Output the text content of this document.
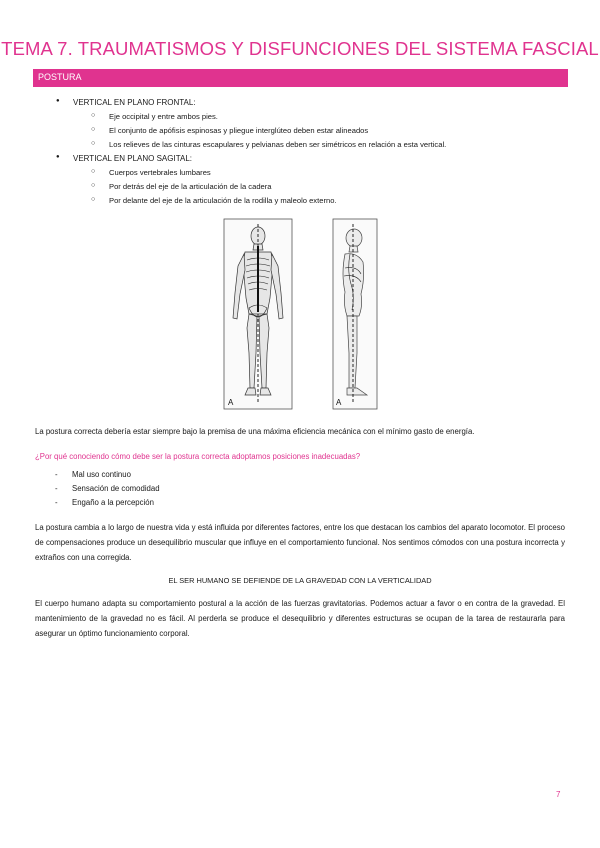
TEMA 7. TRAUMATISMOS Y DISFUNCIONES DEL SISTEMA FASCIAL
POSTURA
● VERTICAL EN PLANO FRONTAL:
○ Eje occipital y entre ambos pies.
○ El conjunto de apófisis espinosas y pliegue interglúteo deben estar alineados
○ Los relieves de las cinturas escapulares y pelvianas deben ser simétricos en relación a esta vertical.
● VERTICAL EN PLANO SAGITAL:
○ Cuerpos vertebrales lumbares
○ Por detrás del eje de la articulación de la cadera
○ Por delante del eje de la articulación de la rodilla y maleolo externo.
A	A
La postura correcta debería estar siempre bajo la premisa de una máxima eficiencia mecánica con el mínimo gasto de energía.
¿Por qué conociendo cómo debe ser la postura correcta adoptamos posiciones inadecuadas?
- Mal uso continuo
- Sensación de comodidad
- Engaño a la percepción
La postura cambia a lo largo de nuestra vida y está influida por diferentes factores, entre los que destacan los cambios del aparato locomotor. El proceso de compensaciones produce un desequilibrio muscular que influye en el comportamiento funcional. Nos sentimos cómodos con una postura incorrecta y extraños con una corregida.
EL SER HUMANO SE DEFIENDE DE LA GRAVEDAD CON LA VERTICALIDAD
El cuerpo humano adapta su comportamiento postural a la acción de las fuerzas gravitatorias. Podemos actuar a favor o en contra de la gravedad. El mantenimiento de la gravedad no es fácil. Al perderla se produce el desequilibrio y diferentes estructuras se ocupan de la tarea de restaurarla para asegurar un óptimo funcionamiento corporal.
7
